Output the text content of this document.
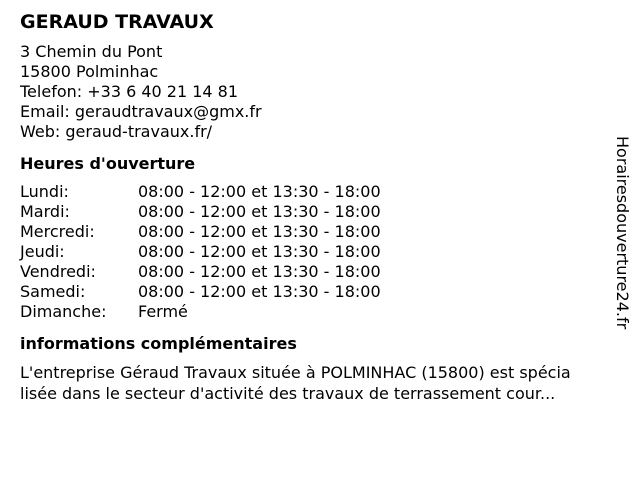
GERAUD TRAVAUX
3 Chemin du Pont
15800 Polminhac
Telefon: +33 6 40 21 14 81
Email: geraudtravaux@gmx.fr
Web: geraud-travaux.fr/
Heures d'ouverture
Lundi:	08:00 - 12:00 et 13:30 - 18:00
Mardi:	08:00 - 12:00 et 13:30 - 18:00
Mercredi:	08:00 - 12:00 et 13:30 - 18:00
Jeudi:	08:00 - 12:00 et 13:30 - 18:00
Vendredi:	08:00 - 12:00 et 13:30 - 18:00
Samedi:	08:00 - 12:00 et 13:30 - 18:00
Dimanche:	Fermé
informations complémentaires
L'entreprise Géraud Travaux située à POLMINHAC (15800) est spécia
lisée dans le secteur d'activité des travaux de terrassement cour...
Horairesdouverture24.fr
